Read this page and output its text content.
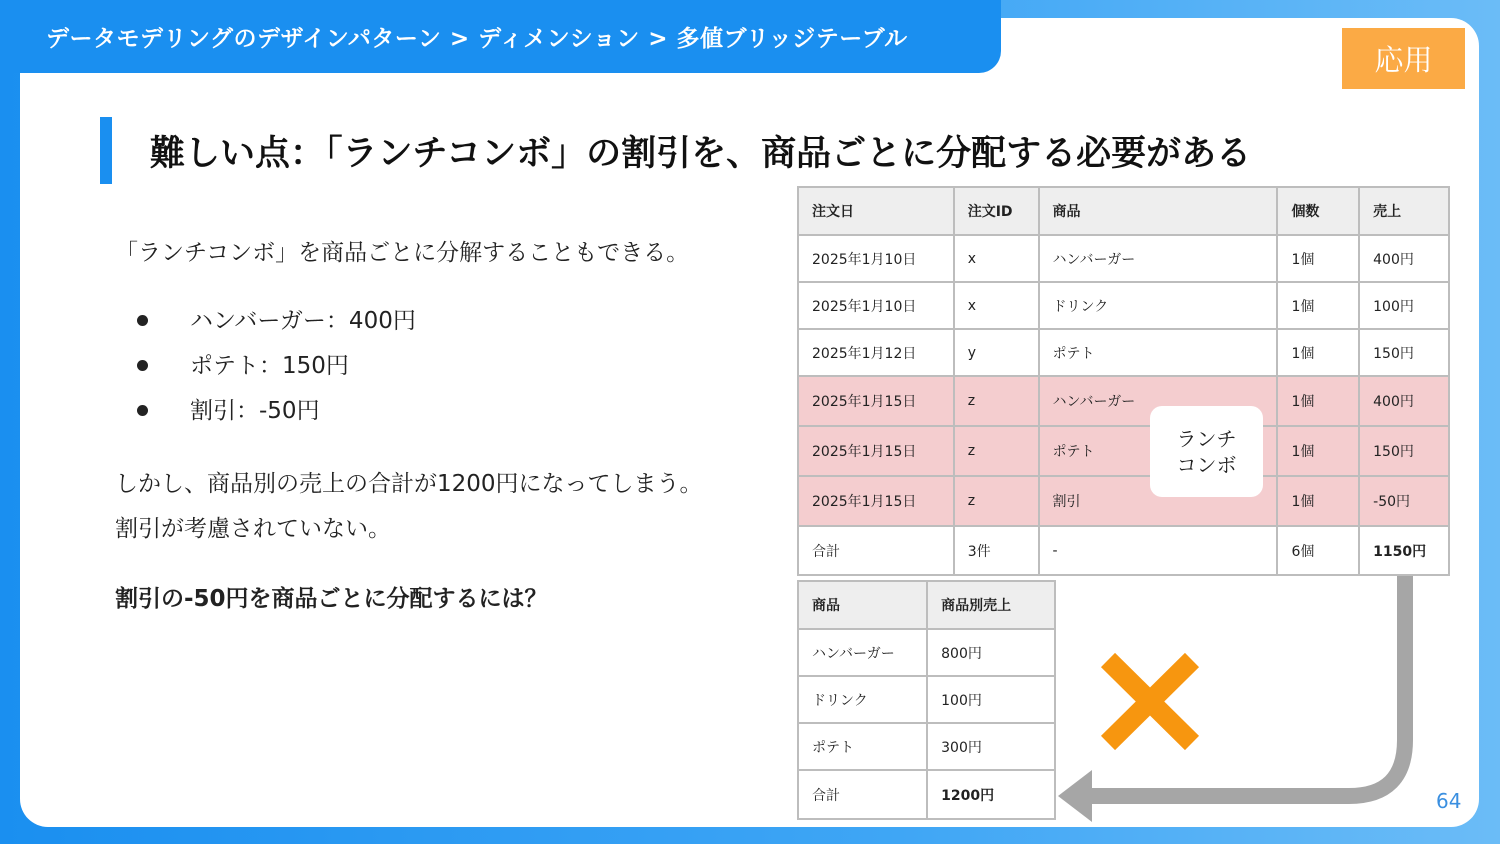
データモデリングのデザインパターン > ディメンション > 多値ブリッジテーブル
応用
難しい点：「ランチコンボ」の割引を、商品ごとに分配する必要がある
「ランチコンボ」を商品ごとに分解することもできる。
ハンバーガー：400円
ポテト：150円
割引：-50円
しかし、商品別の売上の合計が1200円になってしまう。
割引が考慮されていない。
割引の-50円を商品ごとに分配するには？
注文日	注文ID	商品	個数	売上
2025年1月10日	x	ハンバーガー	1個	400円
2025年1月10日	x	ドリンク	1個	100円
2025年1月12日	y	ポテト	1個	150円
2025年1月15日	z	ハンバーガー	1個	400円
2025年1月15日	z	ポテト	1個	150円
2025年1月15日	z	割引	1個	-50円
合計	3件	-	6個	1150円
ランチ
コンボ
商品	商品別売上
ハンバーガー	800円
ドリンク	100円
ポテト	300円
合計	1200円	64
